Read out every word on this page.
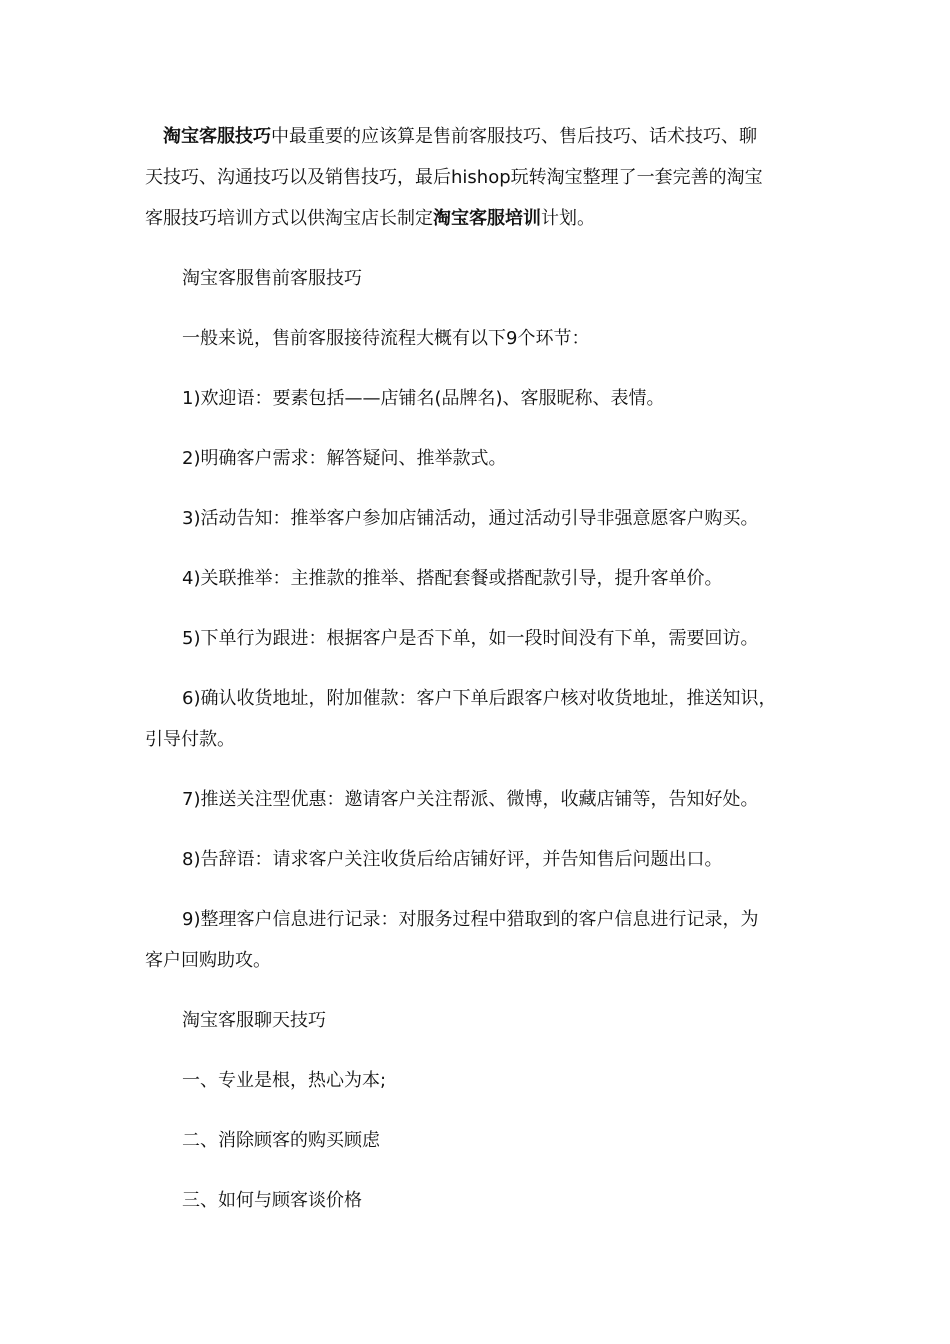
淘宝客服技巧中最重要的应该算是售前客服技巧、售后技巧、话术技巧、聊
天技巧、沟通技巧以及销售技巧，最后hishop玩转淘宝整理了一套完善的淘宝
客服技巧培训方式以供淘宝店长制定淘宝客服培训计划。
淘宝客服售前客服技巧
一般来说，售前客服接待流程大概有以下9个环节：
1)欢迎语：要素包括——店铺名(品牌名)、客服昵称、表情。
2)明确客户需求：解答疑问、推举款式。
3)活动告知：推举客户参加店铺活动，通过活动引导非强意愿客户购买。
4)关联推举：主推款的推举、搭配套餐或搭配款引导，提升客单价。
5)下单行为跟进：根据客户是否下单，如一段时间没有下单，需要回访。
6)确认收货地址，附加催款：客户下单后跟客户核对收货地址，推送知识，
引导付款。
7)推送关注型优惠：邀请客户关注帮派、微博，收藏店铺等，告知好处。
8)告辞语：请求客户关注收货后给店铺好评，并告知售后问题出口。
9)整理客户信息进行记录：对服务过程中猎取到的客户信息进行记录，为
客户回购助攻。
淘宝客服聊天技巧
一、专业是根，热心为本;
二、消除顾客的购买顾虑
三、如何与顾客谈价格
